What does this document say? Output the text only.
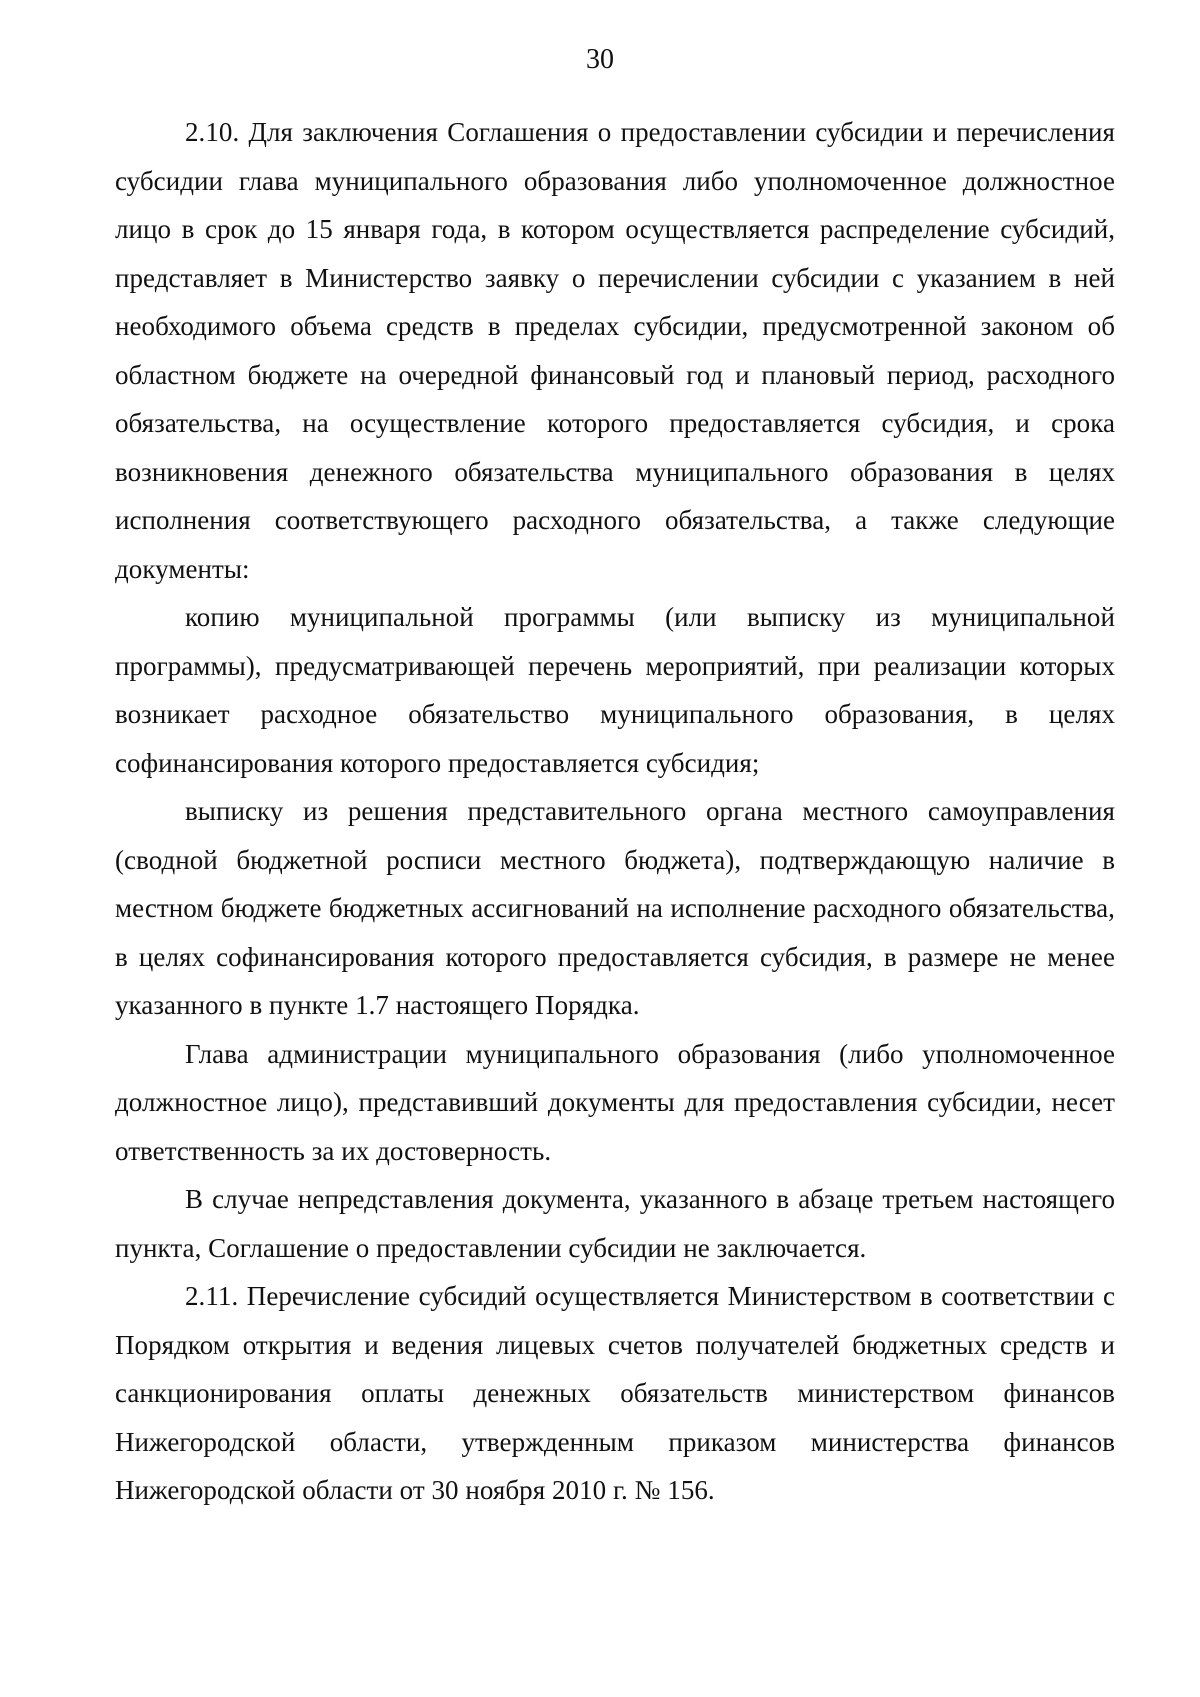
30

2.10. Для заключения Соглашения о предоставлении субсидии и перечисления субсидии глава муниципального образования либо уполномоченное должностное лицо в срок до 15 января года, в котором осуществляется распределение субсидий, представляет в Министерство заявку о перечислении субсидии с указанием в ней необходимого объема средств в пределах субсидии, предусмотренной законом об областном бюджете на очередной финансовый год и плановый период, расходного обязательства, на осуществление которого предоставляется субсидия, и срока возникновения денежного обязательства муниципального образования в целях исполнения соответствующего расходного обязательства, а также следующие документы:

копию муниципальной программы (или выписку из муниципальной программы), предусматривающей перечень мероприятий, при реализации которых возникает расходное обязательство муниципального образования, в целях софинансирования которого предоставляется субсидия;

выписку из решения представительного органа местного самоуправления (сводной бюджетной росписи местного бюджета), подтверждающую наличие в местном бюджете бюджетных ассигнований на исполнение расходного обязательства, в целях софинансирования которого предоставляется субсидия, в размере не менее указанного в пункте 1.7 настоящего Порядка.

Глава администрации муниципального образования (либо уполномоченное должностное лицо), представивший документы для предоставления субсидии, несет ответственность за их достоверность.

В случае непредставления документа, указанного в абзаце третьем настоящего пункта, Соглашение о предоставлении субсидии не заключается.

2.11. Перечисление субсидий осуществляется Министерством в соответствии с Порядком открытия и ведения лицевых счетов получателей бюджетных средств и санкционирования оплаты денежных обязательств министерством финансов Нижегородской области, утвержденным приказом министерства финансов Нижегородской области от 30 ноября 2010 г. № 156.
